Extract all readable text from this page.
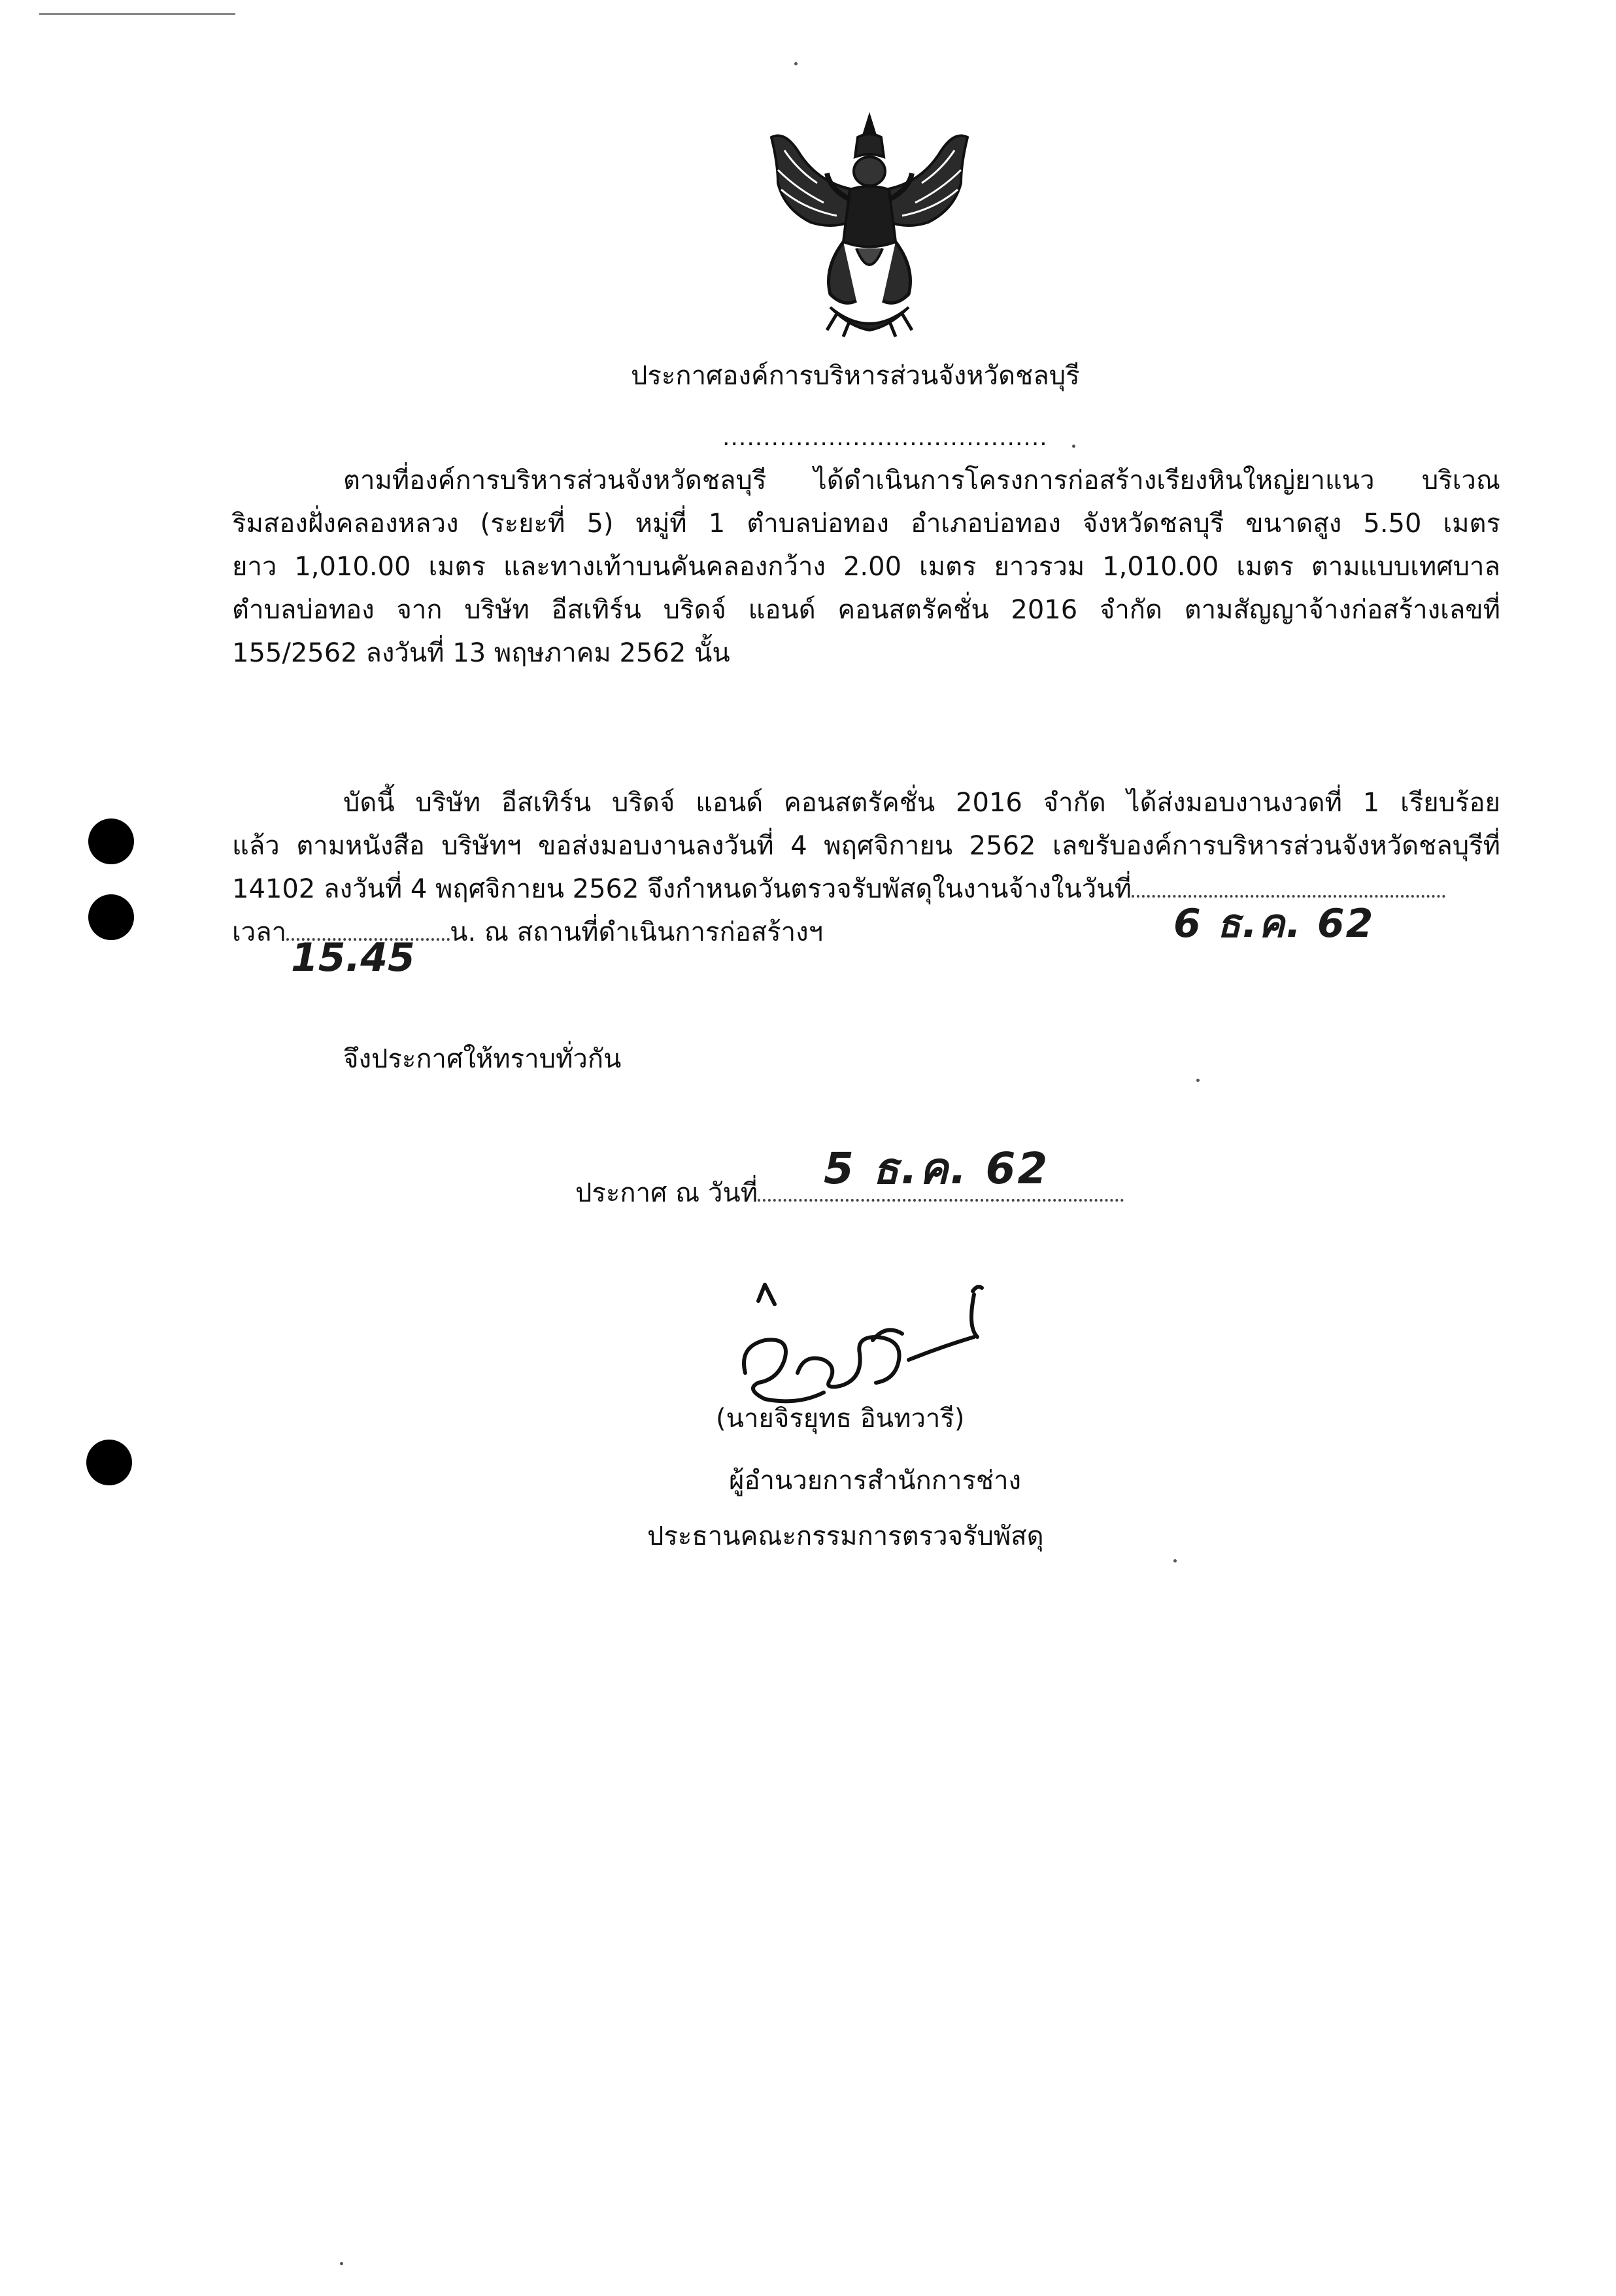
ประกาศองค์การบริหารส่วนจังหวัดชลบุรี
........................................
ตามที่องค์การบริหารส่วนจังหวัดชลบุรี ได้ดำเนินการโครงการก่อสร้างเรียงหินใหญ่ยาแนว บริเวณ
ริมสองฝั่งคลองหลวง (ระยะที่ 5) หมู่ที่ 1 ตำบลบ่อทอง อำเภอบ่อทอง จังหวัดชลบุรี ขนาดสูง 5.50 เมตร
ยาว 1,010.00 เมตร และทางเท้าบนคันคลองกว้าง 2.00 เมตร ยาวรวม 1,010.00 เมตร ตามแบบเทศบาล
ตำบลบ่อทอง จาก บริษัท อีสเทิร์น บริดจ์ แอนด์ คอนสตรัคชั่น 2016 จำกัด ตามสัญญาจ้างก่อสร้างเลขที่
155/2562 ลงวันที่ 13 พฤษภาคม 2562 นั้น
บัดนี้ บริษัท อีสเทิร์น บริดจ์ แอนด์ คอนสตรัคชั่น 2016 จำกัด ได้ส่งมอบงานงวดที่ 1 เรียบร้อย
แล้ว ตามหนังสือ บริษัทฯ ขอส่งมอบงานลงวันที่ 4 พฤศจิกายน 2562 เลขรับองค์การบริหารส่วนจังหวัดชลบุรีที่
14102 ลงวันที่ 4 พฤศจิกายน 2562 จึงกำหนดวันตรวจรับพัสดุในงานจ้างในวันที่
เวลา	น. ณ สถานที่ดำเนินการก่อสร้างฯ	6 ธ.ค. 62
15.45
จึงประกาศให้ทราบทั่วกัน
ประกาศ ณ วันที่	5 ธ.ค. 62
(นายจิรยุทธ อินทวารี)
ผู้อำนวยการสำนักการช่าง
ประธานคณะกรรมการตรวจรับพัสดุ
